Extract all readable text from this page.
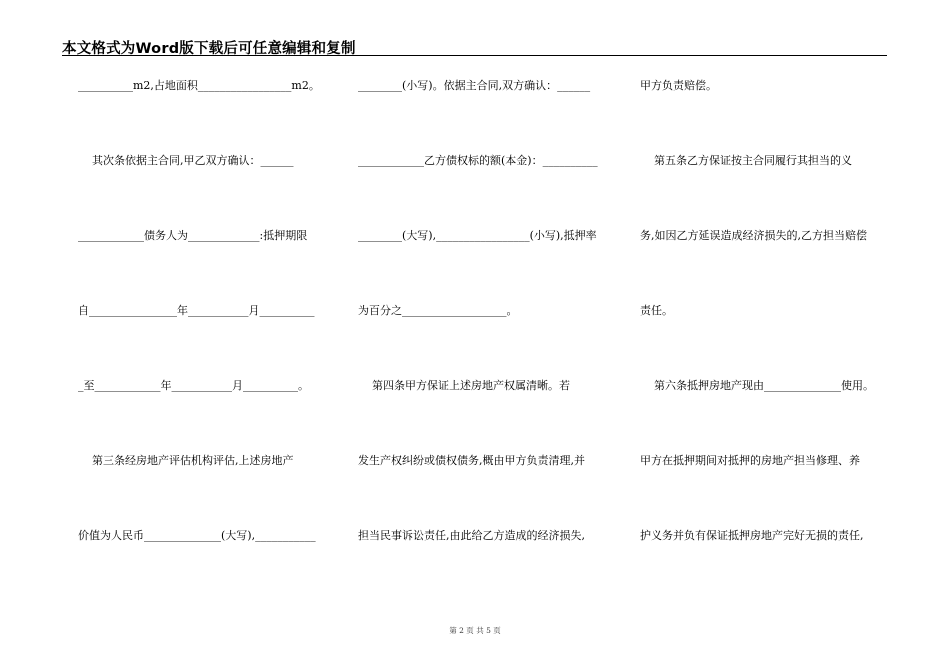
本文格式为Word版下载后可任意编辑和复制
__________m2,占地面积_________________m2。
其次条依据主合同,甲乙双方确认：______
____________债务人为_____________:抵押期限
自________________年___________月__________
_至____________年___________月__________。
第三条经房地产评估机构评估,上述房地产
价值为人民币______________(大写),___________
________(小写)。依据主合同,双方确认：______
____________乙方债权标的额(本金)：__________
________(大写),_________________(小写),抵押率
为百分之___________________。
第四条甲方保证上述房地产权属清晰。若
发生产权纠纷或债权债务,概由甲方负责清理,并
担当民事诉讼责任,由此给乙方造成的经济损失,
甲方负责赔偿。
第五条乙方保证按主合同履行其担当的义
务,如因乙方延误造成经济损失的,乙方担当赔偿
责任。
第六条抵押房地产现由______________使用。
甲方在抵押期间对抵押的房地产担当修理、养
护义务并负有保证抵押房地产完好无损的责任,
第 2 页 共 5 页
